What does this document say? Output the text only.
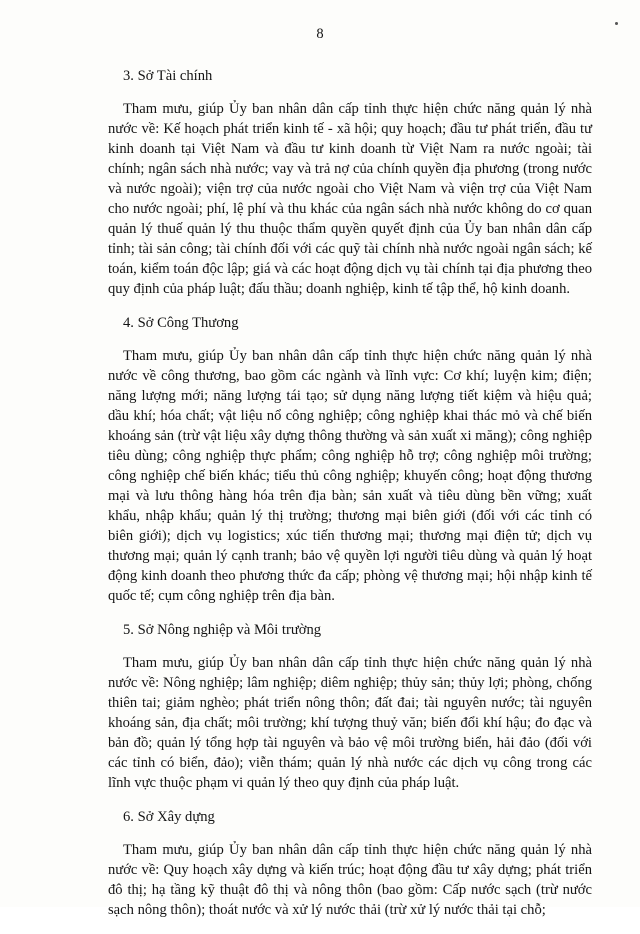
8
3. Sở Tài chính
Tham mưu, giúp Ủy ban nhân dân cấp tỉnh thực hiện chức năng quản lý nhà nước về: Kế hoạch phát triển kinh tế - xã hội; quy hoạch; đầu tư phát triển, đầu tư kinh doanh tại Việt Nam và đầu tư kinh doanh từ Việt Nam ra nước ngoài; tài chính; ngân sách nhà nước; vay và trả nợ của chính quyền địa phương (trong nước và nước ngoài); viện trợ của nước ngoài cho Việt Nam và viện trợ của Việt Nam cho nước ngoài; phí, lệ phí và thu khác của ngân sách nhà nước không do cơ quan quản lý thuế quản lý thu thuộc thẩm quyền quyết định của Ủy ban nhân dân cấp tỉnh; tài sản công; tài chính đối với các quỹ tài chính nhà nước ngoài ngân sách; kế toán, kiểm toán độc lập; giá và các hoạt động dịch vụ tài chính tại địa phương theo quy định của pháp luật; đấu thầu; doanh nghiệp, kinh tế tập thể, hộ kinh doanh.
4. Sở Công Thương
Tham mưu, giúp Ủy ban nhân dân cấp tỉnh thực hiện chức năng quản lý nhà nước về công thương, bao gồm các ngành và lĩnh vực: Cơ khí; luyện kim; điện; năng lượng mới; năng lượng tái tạo; sử dụng năng lượng tiết kiệm và hiệu quả; dầu khí; hóa chất; vật liệu nổ công nghiệp; công nghiệp khai thác mỏ và chế biến khoáng sản (trừ vật liệu xây dựng thông thường và sản xuất xi măng); công nghiệp tiêu dùng; công nghiệp thực phẩm; công nghiệp hỗ trợ; công nghiệp môi trường; công nghiệp chế biến khác; tiểu thủ công nghiệp; khuyến công; hoạt động thương mại và lưu thông hàng hóa trên địa bàn; sản xuất và tiêu dùng bền vững; xuất khẩu, nhập khẩu; quản lý thị trường; thương mại biên giới (đối với các tỉnh có biên giới); dịch vụ logistics; xúc tiến thương mại; thương mại điện tử; dịch vụ thương mại; quản lý cạnh tranh; bảo vệ quyền lợi người tiêu dùng và quản lý hoạt động kinh doanh theo phương thức đa cấp; phòng vệ thương mại; hội nhập kinh tế quốc tế; cụm công nghiệp trên địa bàn.
5. Sở Nông nghiệp và Môi trường
Tham mưu, giúp Ủy ban nhân dân cấp tỉnh thực hiện chức năng quản lý nhà nước về: Nông nghiệp; lâm nghiệp; diêm nghiệp; thủy sản; thủy lợi; phòng, chống thiên tai; giảm nghèo; phát triển nông thôn; đất đai; tài nguyên nước; tài nguyên khoáng sản, địa chất; môi trường; khí tượng thuỷ văn; biến đổi khí hậu; đo đạc và bản đồ; quản lý tổng hợp tài nguyên và bảo vệ môi trường biển, hải đảo (đối với các tỉnh có biển, đảo); viễn thám; quản lý nhà nước các dịch vụ công trong các lĩnh vực thuộc phạm vi quản lý theo quy định của pháp luật.
6. Sở Xây dựng
Tham mưu, giúp Ủy ban nhân dân cấp tỉnh thực hiện chức năng quản lý nhà nước về: Quy hoạch xây dựng và kiến trúc; hoạt động đầu tư xây dựng; phát triển đô thị; hạ tầng kỹ thuật đô thị và nông thôn (bao gồm: Cấp nước sạch (trừ nước sạch nông thôn); thoát nước và xử lý nước thải (trừ xử lý nước thải tại chỗ;
